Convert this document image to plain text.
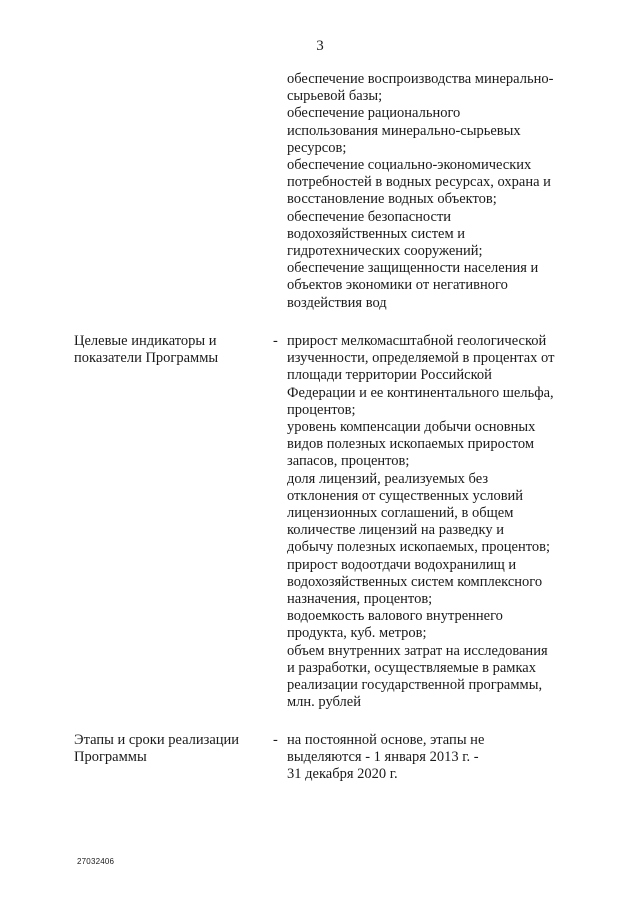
3
обеспечение воспроизводства минерально-
сырьевой базы;
обеспечение рационального
использования минерально-сырьевых
ресурсов;
обеспечение социально-экономических
потребностей в водных ресурсах, охрана и
восстановление водных объектов;
обеспечение безопасности
водохозяйственных систем и
гидротехнических сооружений;
обеспечение защищенности населения и
объектов экономики от негативного
воздействия вод
Целевые индикаторы и
показатели Программы
- прирост мелкомасштабной геологической
изученности, определяемой в процентах от
площади территории Российской
Федерации и ее континентального шельфа,
процентов;
уровень компенсации добычи основных
видов полезных ископаемых приростом
запасов, процентов;
доля лицензий, реализуемых без
отклонения от существенных условий
лицензионных соглашений, в общем
количестве лицензий на разведку и
добычу полезных ископаемых, процентов;
прирост водоотдачи водохранилищ и
водохозяйственных систем комплексного
назначения, процентов;
водоемкость валового внутреннего
продукта, куб. метров;
объем внутренних затрат на исследования
и разработки, осуществляемые в рамках
реализации государственной программы,
млн. рублей
Этапы и сроки реализации
Программы
- на постоянной основе, этапы не
выделяются - 1 января 2013 г. -
31 декабря 2020 г.
27032406
